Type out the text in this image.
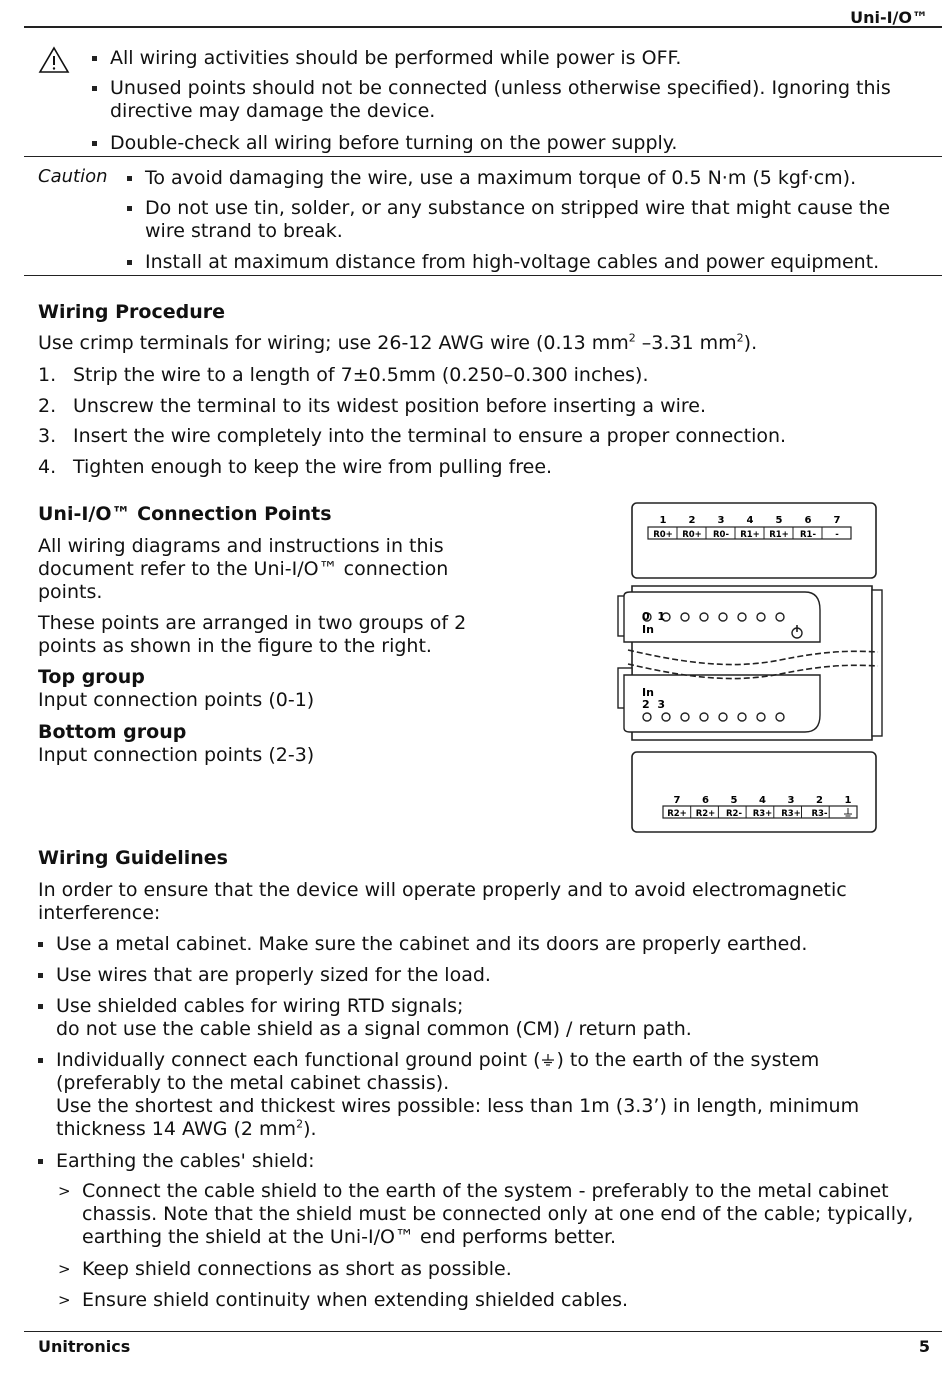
Uni-I/O™
All wiring activities should be performed while power is OFF.
Unused points should not be connected (unless otherwise specified). Ignoring this directive may damage the device.
Double-check all wiring before turning on the power supply.
Caution To avoid damaging the wire, use a maximum torque of 0.5 N·m (5 kgf·cm).
Do not use tin, solder, or any substance on stripped wire that might cause the wire strand to break.
Install at maximum distance from high-voltage cables and power equipment.
Wiring Procedure
Use crimp terminals for wiring; use 26-12 AWG wire (0.13 $mm^2$ –3.31 $mm^2$).
1. Strip the wire to a length of 7±0.5mm (0.250–0.300 inches).
2. Unscrew the terminal to its widest position before inserting a wire.
3. Insert the wire completely into the terminal to ensure a proper connection.
4. Tighten enough to keep the wire from pulling free.
Uni-I/O™ Connection Points
All wiring diagrams and instructions in this document refer to the Uni-I/O™ connection points.
These points are arranged in two groups of 2 points as shown in the figure to the right.
Top group
Input connection points (0-1)
Bottom group
Input connection points (2-3)
1 2 3 4 5 6 7
R0+ R0+ R0- R1+ R1+ R1- -
In
0  1
In
2  3
7 6 5 4 3 2 1
R2+ R2+ R2- R3+ R3+ R3-
Wiring Guidelines
In order to ensure that the device will operate properly and to avoid electromagnetic interference:
Use a metal cabinet. Make sure the cabinet and its doors are properly earthed.
Use wires that are properly sized for the load.
Use shielded cables for wiring RTD signals;
do not use the cable shield as a signal common (CM) / return path.
Individually connect each functional ground point ( ) to the earth of the system (preferably to the metal cabinet chassis).
Use the shortest and thickest wires possible: less than 1m (3.3’) in length, minimum thickness 14 AWG (2 $mm^2$).
Earthing the cables' shield:
> Connect the cable shield to the earth of the system - preferably to the metal cabinet chassis. Note that the shield must be connected only at one end of the cable; typically, earthing the shield at the Uni-I/O™ end performs better.
> Keep shield connections as short as possible.
> Ensure shield continuity when extending shielded cables.
Unitronics	5
